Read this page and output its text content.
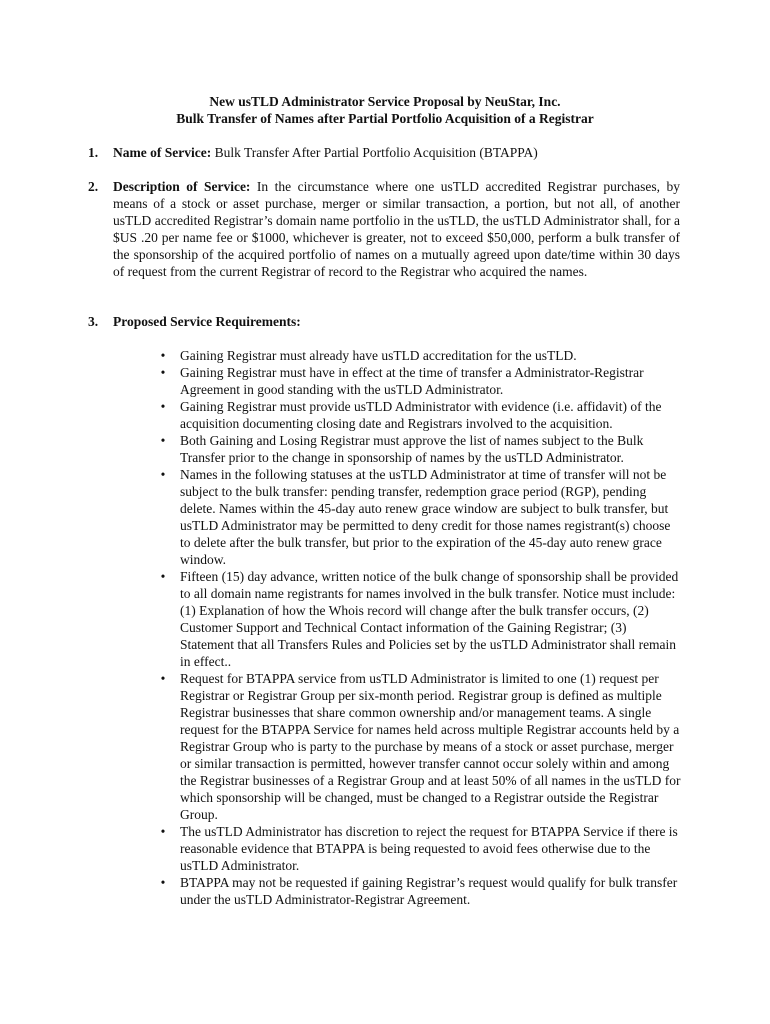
New usTLD Administrator Service Proposal by NeuStar, Inc.
Bulk Transfer of Names after Partial Portfolio Acquisition of a Registrar
1. Name of Service: Bulk Transfer After Partial Portfolio Acquisition (BTAPPA)
2. Description of Service: In the circumstance where one usTLD accredited Registrar purchases, by means of a stock or asset purchase, merger or similar transaction, a portion, but not all, of another usTLD accredited Registrar’s domain name portfolio in the usTLD, the usTLD Administrator shall, for a $US .20 per name fee or $1000, whichever is greater, not to exceed $50,000, perform a bulk transfer of the sponsorship of the acquired portfolio of names on a mutually agreed upon date/time within 30 days of request from the current Registrar of record to the Registrar who acquired the names.
3. Proposed Service Requirements:
• Gaining Registrar must already have usTLD accreditation for the usTLD.
• Gaining Registrar must have in effect at the time of transfer a Administrator-Registrar Agreement in good standing with the usTLD Administrator.
• Gaining Registrar must provide usTLD Administrator with evidence (i.e. affidavit) of the acquisition documenting closing date and Registrars involved to the acquisition.
• Both Gaining and Losing Registrar must approve the list of names subject to the Bulk Transfer prior to the change in sponsorship of names by the usTLD Administrator.
• Names in the following statuses at the usTLD Administrator at time of transfer will not be subject to the bulk transfer: pending transfer, redemption grace period (RGP), pending delete. Names within the 45-day auto renew grace window are subject to bulk transfer, but usTLD Administrator may be permitted to deny credit for those names registrant(s) choose to delete after the bulk transfer, but prior to the expiration of the 45-day auto renew grace window.
• Fifteen (15) day advance, written notice of the bulk change of sponsorship shall be provided to all domain name registrants for names involved in the bulk transfer. Notice must include: (1) Explanation of how the Whois record will change after the bulk transfer occurs, (2) Customer Support and Technical Contact information of the Gaining Registrar; (3) Statement that all Transfers Rules and Policies set by the usTLD Administrator shall remain in effect..
• Request for BTAPPA service from usTLD Administrator is limited to one (1) request per Registrar or Registrar Group per six-month period. Registrar group is defined as multiple Registrar businesses that share common ownership and/or management teams. A single request for the BTAPPA Service for names held across multiple Registrar accounts held by a Registrar Group who is party to the purchase by means of a stock or asset purchase, merger or similar transaction is permitted, however transfer cannot occur solely within and among the Registrar businesses of a Registrar Group and at least 50% of all names in the usTLD for which sponsorship will be changed, must be changed to a Registrar outside the Registrar Group.
• The usTLD Administrator has discretion to reject the request for BTAPPA Service if there is reasonable evidence that BTAPPA is being requested to avoid fees otherwise due to the usTLD Administrator.
• BTAPPA may not be requested if gaining Registrar’s request would qualify for bulk transfer under the usTLD Administrator-Registrar Agreement.
